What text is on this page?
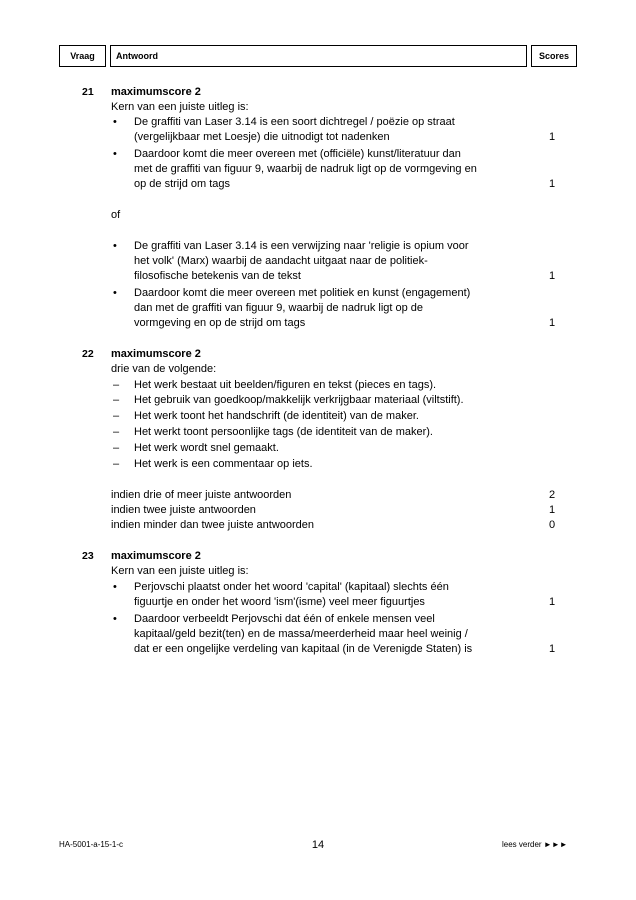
Vraag	Antwoord	Scores
21 maximumscore 2
Kern van een juiste uitleg is:
• De graffiti van Laser 3.14 is een soort dichtregel / poëzie op straat
(vergelijkbaar met Loesje) die uitnodigt tot nadenken	1
• Daardoor komt die meer overeen met (officiële) kunst/literatuur dan
met de graffiti van figuur 9, waarbij de nadruk ligt op de vormgeving en
op de strijd om tags	1
of
• De graffiti van Laser 3.14 is een verwijzing naar 'religie is opium voor
het volk' (Marx) waarbij de aandacht uitgaat naar de politiek-
filosofische betekenis van de tekst	1
• Daardoor komt die meer overeen met politiek en kunst (engagement)
dan met de graffiti van figuur 9, waarbij de nadruk ligt op de
vormgeving en op de strijd om tags	1
22 maximumscore 2
drie van de volgende:
– Het werk bestaat uit beelden/figuren en tekst (pieces en tags).
– Het gebruik van goedkoop/makkelijk verkrijgbaar materiaal (viltstift).
– Het werk toont het handschrift (de identiteit) van de maker.
– Het werkt toont persoonlijke tags (de identiteit van de maker).
– Het werk wordt snel gemaakt.
– Het werk is een commentaar op iets.
indien drie of meer juiste antwoorden	2
indien twee juiste antwoorden	1
indien minder dan twee juiste antwoorden	0
23 maximumscore 2
Kern van een juiste uitleg is:
• Perjovschi plaatst onder het woord 'capital' (kapitaal) slechts één
figuurtje en onder het woord 'ism'(isme) veel meer figuurtjes	1
• Daardoor verbeeldt Perjovschi dat één of enkele mensen veel
kapitaal/geld bezit(ten) en de massa/meerderheid maar heel weinig /
dat er een ongelijke verdeling van kapitaal (in de Verenigde Staten) is	1
HA-5001-a-15-1-c	14	lees verder ►►►
